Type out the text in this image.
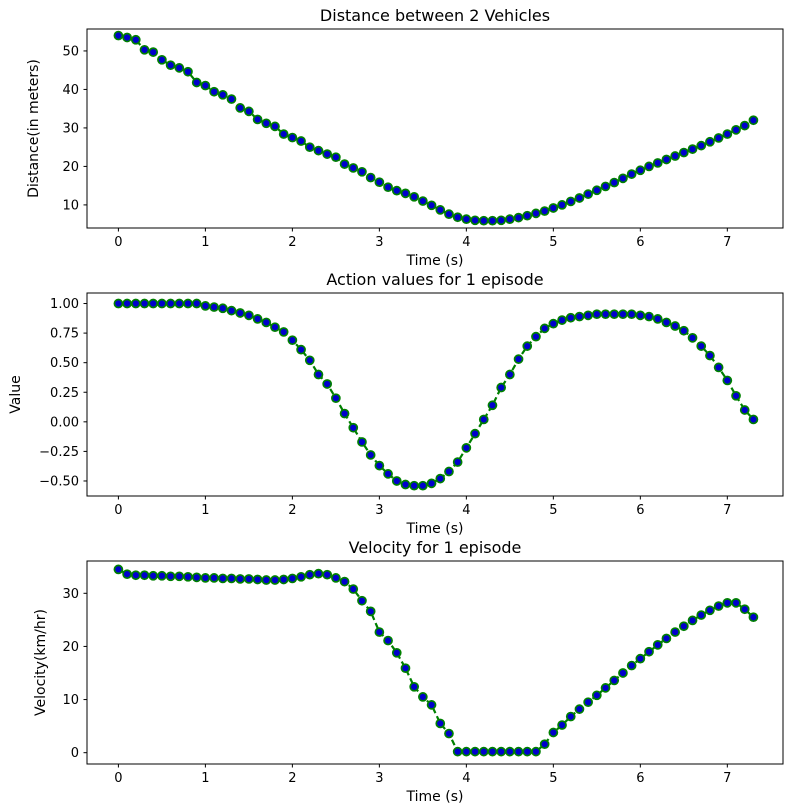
0	1	2	3	4	5	6	7
10
20
30
40
50
Distance between 2 Vehicles
Time (s)
Distance(in meters)
0	1	2	3	4	5	6	7
−0.50
−0.25
0.00
0.25
0.50
0.75
1.00
Action values for 1 episode
Time (s)
Value
0	1	2	3	4	5	6	7
0
10
20
30
Velocity for 1 episode
Time (s)
Velocity(km/hr)
